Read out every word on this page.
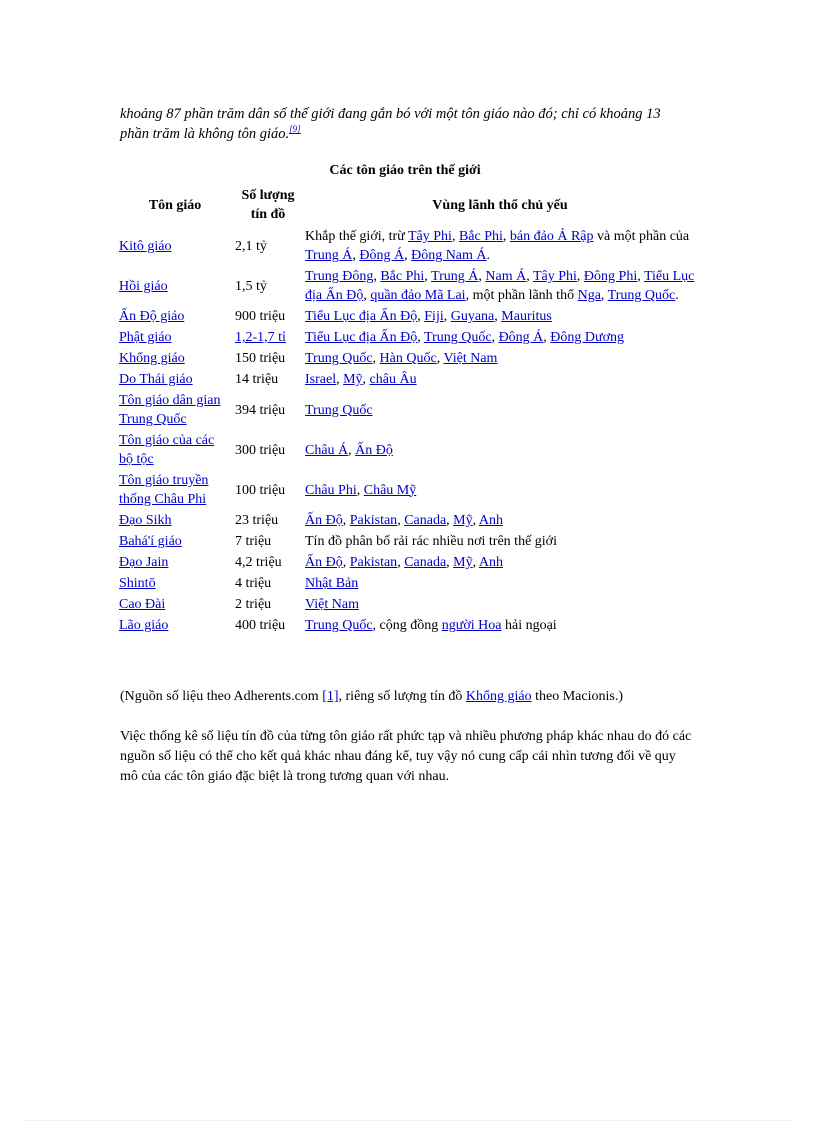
khoảng 87 phần trăm dân số thế giới đang gắn bó với một tôn giáo nào đó; chỉ có khoảng 13 phần trăm là không tôn giáo.[9]
Các tôn giáo trên thế giới
Tôn giáo	Số lượng tín đồ	Vùng lãnh thổ chủ yếu
Kitô giáo	2,1 tỷ	Khắp thế giới, trừ Tây Phi, Bắc Phi, bán đảo Ả Rập và một phần của Trung Á, Đông Á, Đông Nam Á.
Hồi giáo	1,5 tỷ	Trung Đông, Bắc Phi, Trung Á, Nam Á, Tây Phi, Đông Phi, Tiểu Lục địa Ấn Độ, quần đảo Mã Lai, một phần lãnh thổ Nga, Trung Quốc.
Ấn Độ giáo	900 triệu	Tiểu Lục địa Ấn Độ, Fiji, Guyana, Mauritus
Phật giáo	1,2-1,7 tỉ	Tiểu Lục địa Ấn Độ, Trung Quốc, Đông Á, Đông Dương
Khổng giáo	150 triệu	Trung Quốc, Hàn Quốc, Việt Nam
Do Thái giáo	14 triệu	Israel, Mỹ, châu Âu
Tôn giáo dân gian Trung Quốc	394 triệu	Trung Quốc
Tôn giáo của các bộ tộc	300 triệu	Châu Á, Ấn Độ
Tôn giáo truyền thống Châu Phi	100 triệu	Châu Phi, Châu Mỹ
Đạo Sikh	23 triệu	Ấn Độ, Pakistan, Canada, Mỹ, Anh
Bahá'í giáo	7 triệu	Tín đồ phân bố rải rác nhiều nơi trên thế giới
Đạo Jain	4,2 triệu	Ấn Độ, Pakistan, Canada, Mỹ, Anh
Shintō	4 triệu	Nhật Bản
Cao Đài	2 triệu	Việt Nam
Lão giáo	400 triệu	Trung Quốc, cộng đồng người Hoa hải ngoại
(Nguồn số liệu theo Adherents.com [1], riêng số lượng tín đồ Khổng giáo theo Macionis.)
Việc thống kê số liệu tín đồ của từng tôn giáo rất phức tạp và nhiều phương pháp khác nhau do đó các nguồn số liệu có thể cho kết quả khác nhau đáng kể, tuy vậy nó cung cấp cái nhìn tương đối về quy mô của các tôn giáo đặc biệt là trong tương quan với nhau.
